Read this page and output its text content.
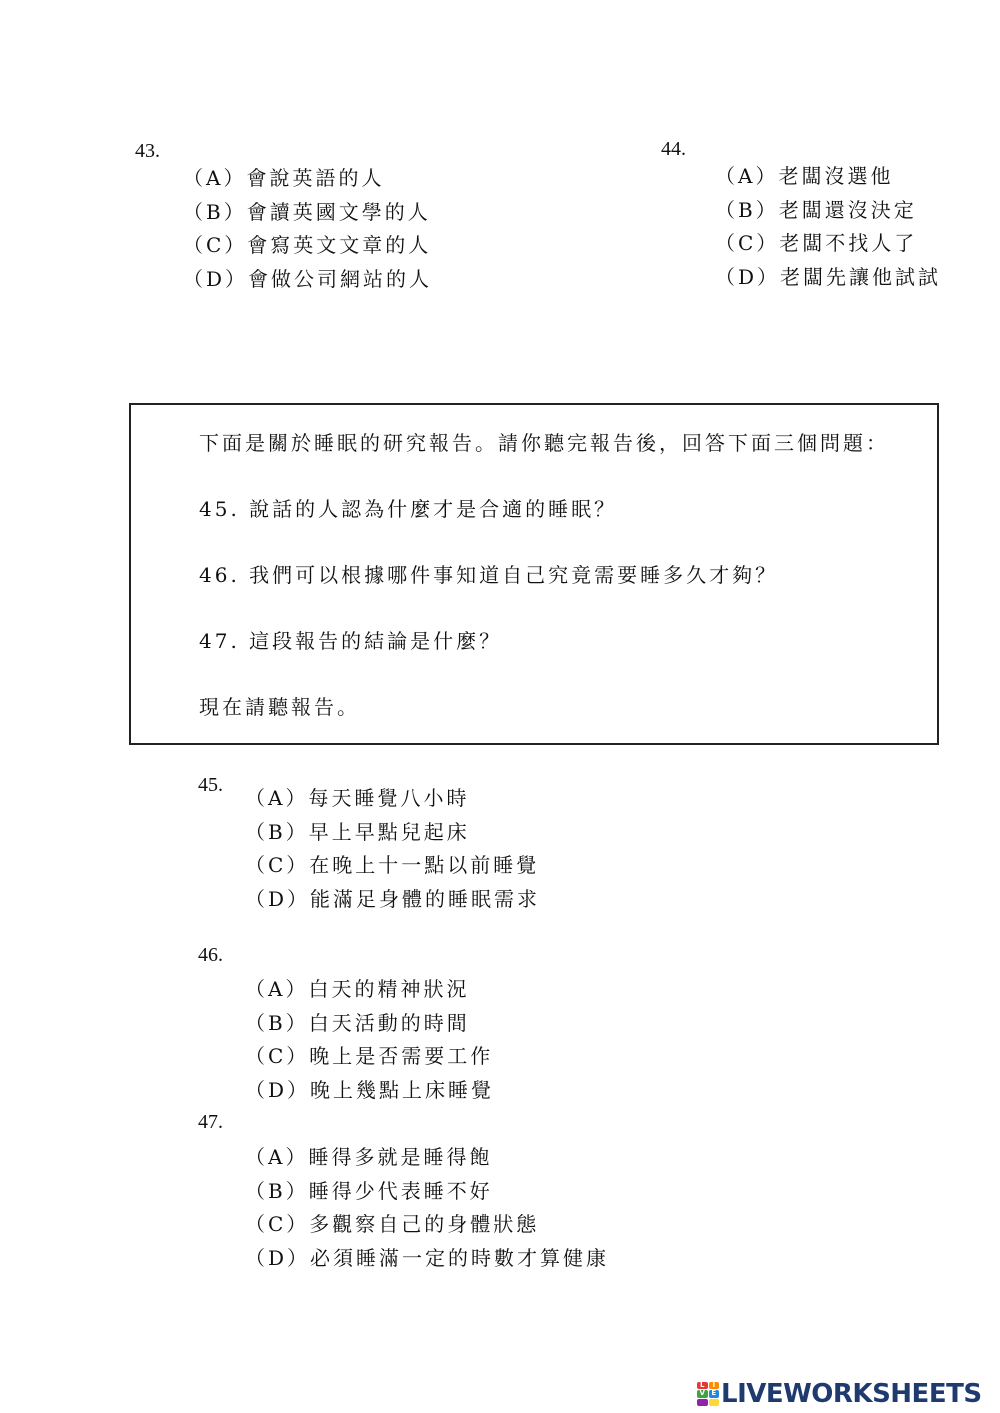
43.
（A）會說英語的人
（B）會讀英國文學的人
（C）會寫英文文章的人
（D）會做公司網站的人
44.
（A）老闆沒選他
（B）老闆還沒決定
（C）老闆不找人了
（D）老闆先讓他試試

下面是關於睡眠的研究報告。請你聽完報告後，回答下面三個問題：

45. 說話的人認為什麼才是合適的睡眠？

46. 我們可以根據哪件事知道自己究竟需要睡多久才夠？

47. 這段報告的結論是什麼？

現在請聽報告。

45.
（A）每天睡覺八小時
（B）早上早點兒起床
（C）在晚上十一點以前睡覺
（D）能滿足身體的睡眠需求
46.
（A）白天的精神狀況
（B）白天活動的時間
（C）晚上是否需要工作
（D）晚上幾點上床睡覺
47.
（A）睡得多就是睡得飽
（B）睡得少代表睡不好
（C）多觀察自己的身體狀態
（D）必須睡滿一定的時數才算健康
L	I
V E LIVEWORKSHEETS
